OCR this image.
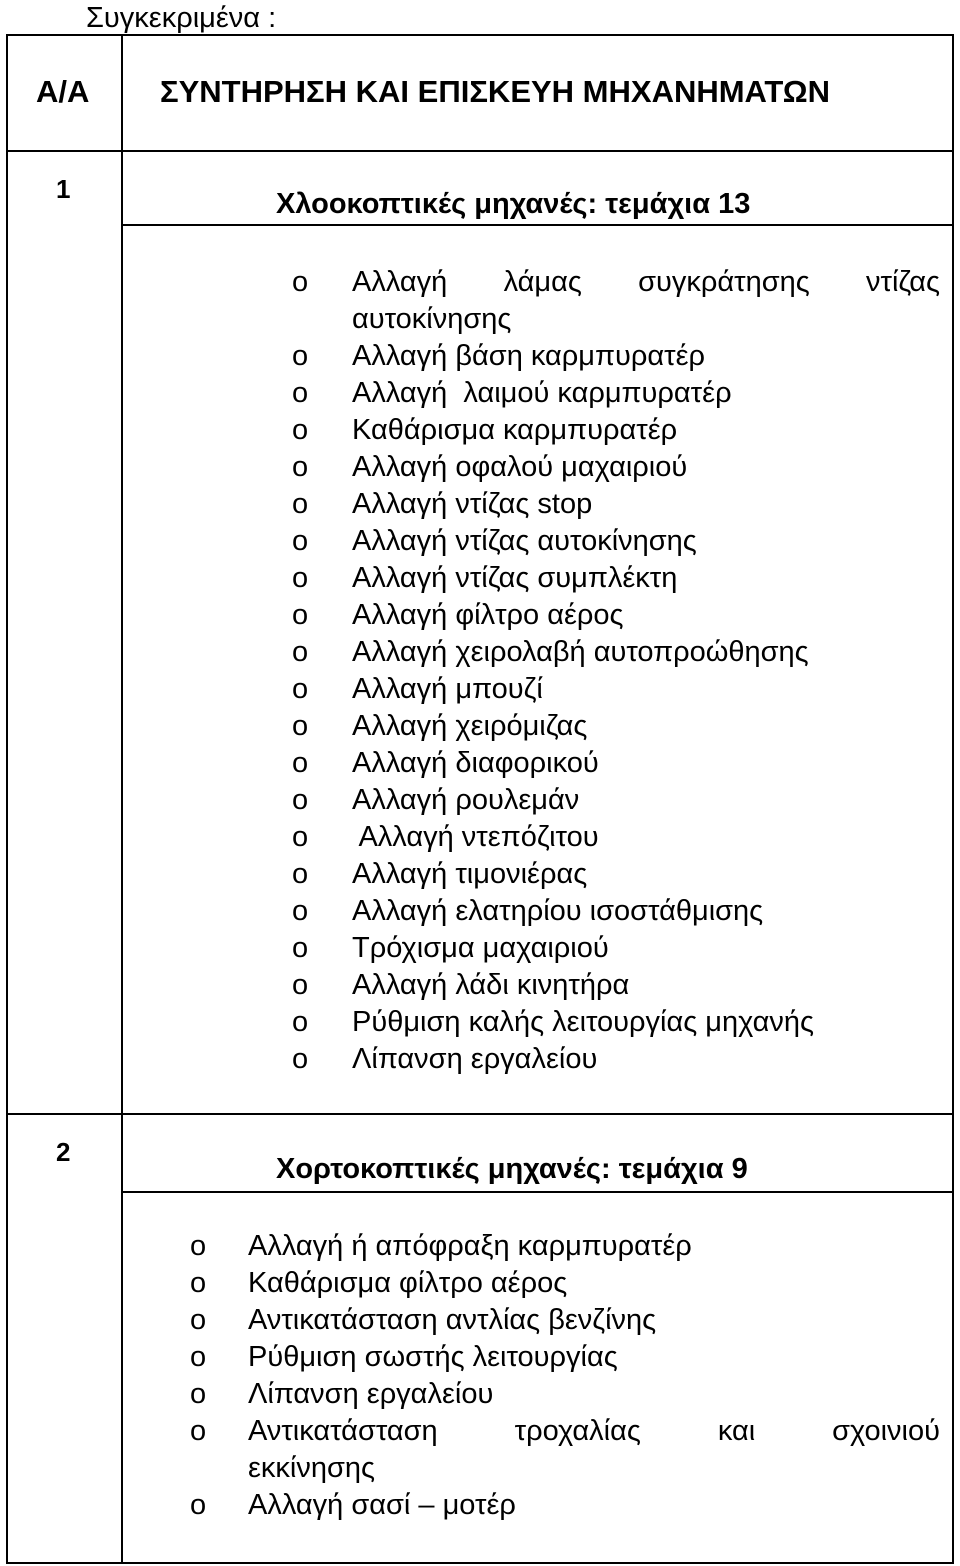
Συγκεκριμένα :
Α/Α ΣΥΝΤΗΡΗΣΗ ΚΑΙ ΕΠΙΣΚΕΥΗ ΜΗΧΑΝΗΜΑΤΩΝ
1	Χλοοκοπτικές μηχανές: τεμάχια 13
o Αλλαγή λάμας συγκράτησης ντίζας
αυτοκίνησης
o Αλλαγή βάση καρμπυρατέρ
o Αλλαγή  λαιμού καρμπυρατέρ
o Καθάρισμα καρμπυρατέρ
o Αλλαγή οφαλού μαχαιριού
o Αλλαγή ντίζας stop
o Αλλαγή ντίζας αυτοκίνησης
o Αλλαγή ντίζας συμπλέκτη
o Αλλαγή φίλτρο αέρος
o Αλλαγή χειρολαβή αυτοπροώθησης
o Αλλαγή μπουζί
o Αλλαγή χειρόμιζας
o Αλλαγή διαφορικού
o Αλλαγή ρουλεμάν
o Αλλαγή ντεπόζιτου
o Αλλαγή τιμονιέρας
o Αλλαγή ελατηρίου ισοστάθμισης
o Τρόχισμα μαχαιριού
o Αλλαγή λάδι κινητήρα
o Ρύθμιση καλής λειτουργίας μηχανής
o Λίπανση εργαλείου
2
Χορτοκοπτικές μηχανές: τεμάχια 9
o Αλλαγή ή απόφραξη καρμπυρατέρ
o Καθάρισμα φίλτρο αέρος
o Αντικατάσταση αντλίας βενζίνης
o Ρύθμιση σωστής λειτουργίας
o Λίπανση εργαλείου
o Αντικατάσταση τροχαλίας και σχοινιού
εκκίνησης
o Αλλαγή σασί – μοτέρ
